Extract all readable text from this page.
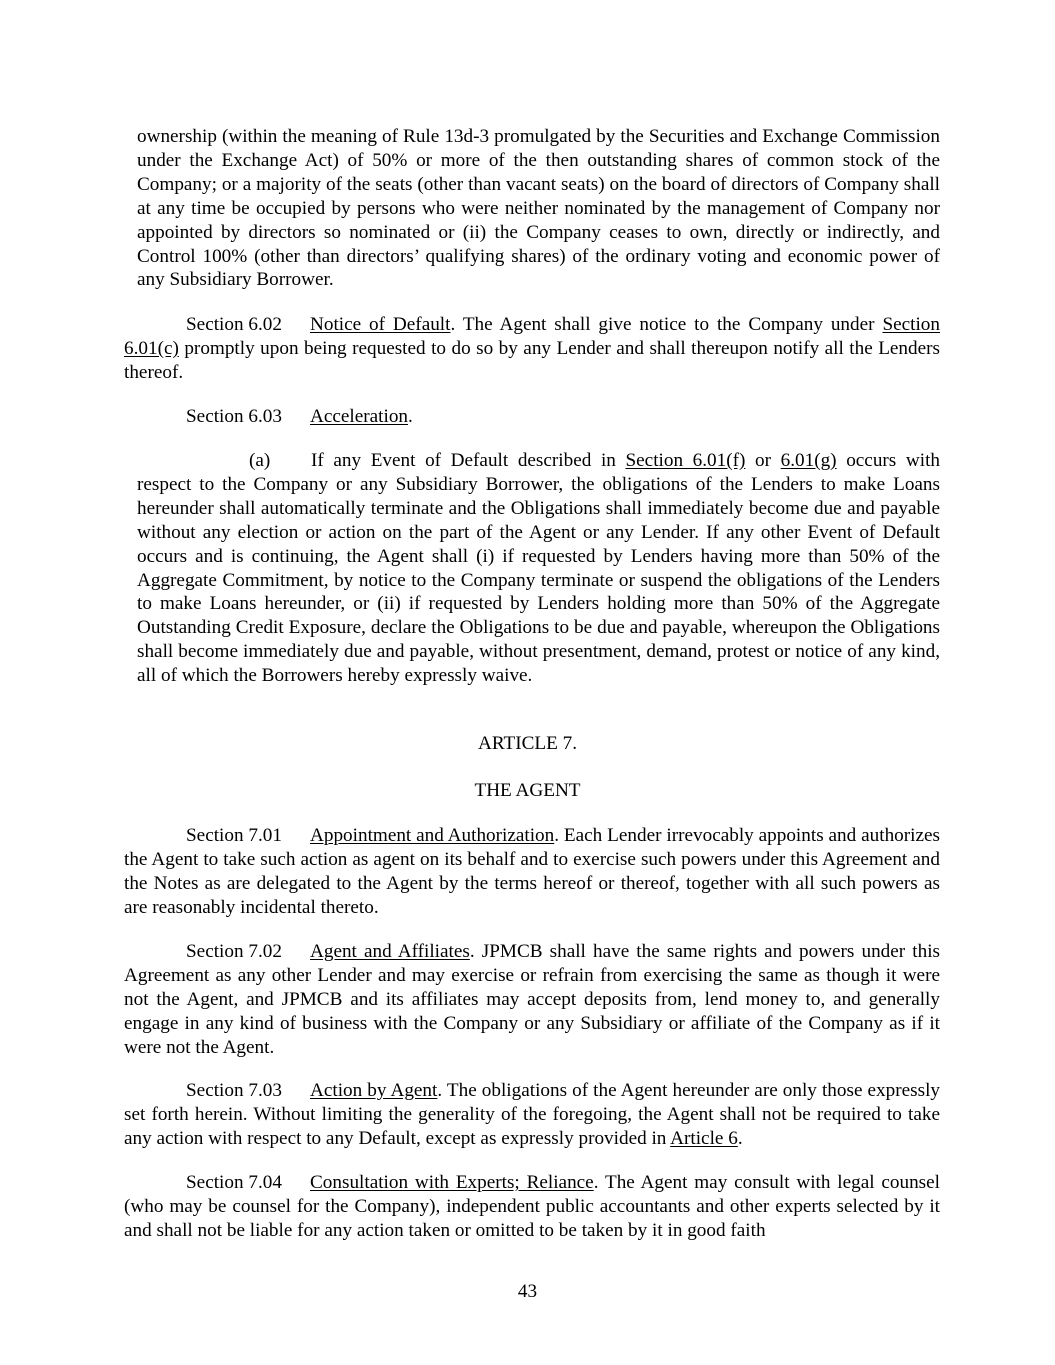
ownership (within the meaning of Rule 13d-3 promulgated by the Securities and Exchange Commission under the Exchange Act) of 50% or more of the then outstanding shares of common stock of the Company; or a majority of the seats (other than vacant seats) on the board of directors of Company shall at any time be occupied by persons who were neither nominated by the management of Company nor appointed by directors so nominated or (ii) the Company ceases to own, directly or indirectly, and Control 100% (other than directors’ qualifying shares) of the ordinary voting and economic power of any Subsidiary Borrower.

Section 6.02 Notice of Default. The Agent shall give notice to the Company under Section 6.01(c) promptly upon being requested to do so by any Lender and shall thereupon notify all the Lenders thereof.

Section 6.03 Acceleration.

(a) If any Event of Default described in Section 6.01(f) or 6.01(g) occurs with respect to the Company or any Subsidiary Borrower, the obligations of the Lenders to make Loans hereunder shall automatically terminate and the Obligations shall immediately become due and payable without any election or action on the part of the Agent or any Lender. If any other Event of Default occurs and is continuing, the Agent shall (i) if requested by Lenders having more than 50% of the Aggregate Commitment, by notice to the Company terminate or suspend the obligations of the Lenders to make Loans hereunder, or (ii) if requested by Lenders holding more than 50% of the Aggregate Outstanding Credit Exposure, declare the Obligations to be due and payable, whereupon the Obligations shall become immediately due and payable, without presentment, demand, protest or notice of any kind, all of which the Borrowers hereby expressly waive.

ARTICLE 7.

THE AGENT

Section 7.01 Appointment and Authorization. Each Lender irrevocably appoints and authorizes the Agent to take such action as agent on its behalf and to exercise such powers under this Agreement and the Notes as are delegated to the Agent by the terms hereof or thereof, together with all such powers as are reasonably incidental thereto.

Section 7.02 Agent and Affiliates. JPMCB shall have the same rights and powers under this Agreement as any other Lender and may exercise or refrain from exercising the same as though it were not the Agent, and JPMCB and its affiliates may accept deposits from, lend money to, and generally engage in any kind of business with the Company or any Subsidiary or affiliate of the Company as if it were not the Agent.

Section 7.03 Action by Agent. The obligations of the Agent hereunder are only those expressly set forth herein. Without limiting the generality of the foregoing, the Agent shall not be required to take any action with respect to any Default, except as expressly provided in Article 6.

Section 7.04 Consultation with Experts; Reliance. The Agent may consult with legal counsel (who may be counsel for the Company), independent public accountants and other experts selected by it and shall not be liable for any action taken or omitted to be taken by it in good faith

43
